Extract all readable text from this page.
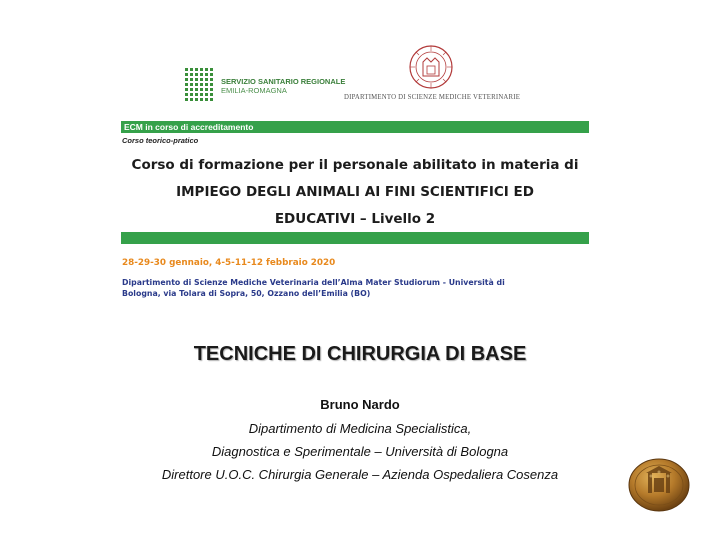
SERVIZIO SANITARIO REGIONALE
EMILIA-ROMAGNA
DIPARTIMENTO DI SCIENZE MEDICHE VETERINARIE
ECM in corso di accreditamento
Corso teorico-pratico
Corso di formazione per il personale abilitato in materia di
IMPIEGO DEGLI ANIMALI AI FINI SCIENTIFICI ED
EDUCATIVI – Livello 2
28-29-30 gennaio, 4-5-11-12 febbraio 2020
Dipartimento di Scienze Mediche Veterinaria dell’Alma Mater Studiorum - Università di
Bologna, via Tolara di Sopra, 50, Ozzano dell’Emilia (BO)
TECNICHE DI CHIRURGIA DI BASE
Bruno Nardo
Dipartimento di Medicina Specialistica,
Diagnostica e Sperimentale – Università di Bologna
Direttore U.O.C. Chirurgia Generale – Azienda Ospedaliera Cosenza
